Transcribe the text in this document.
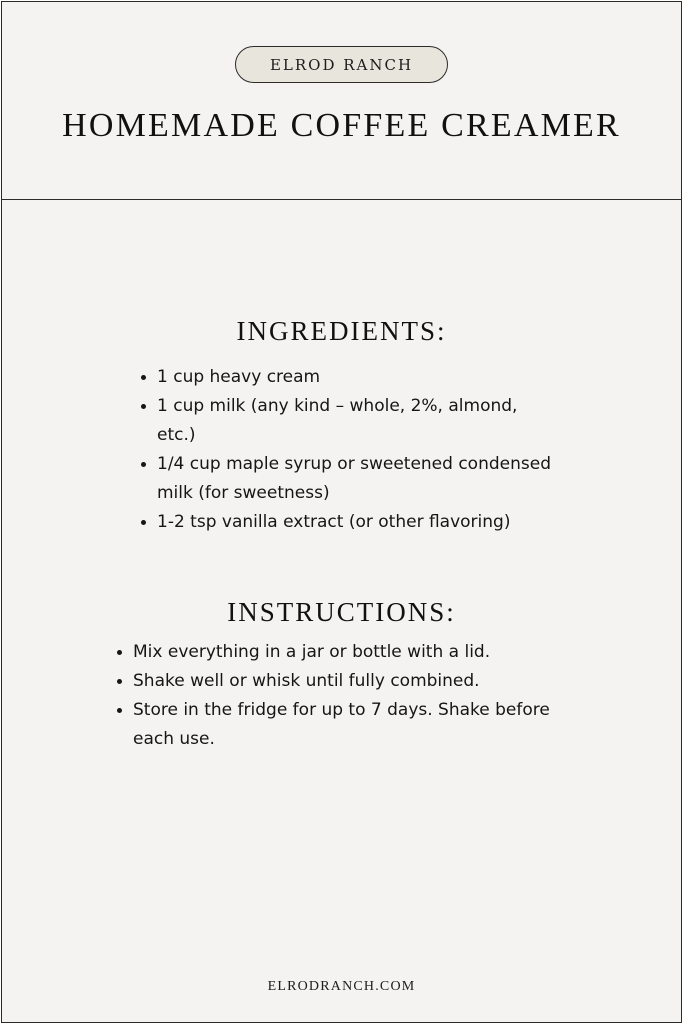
ELROD RANCH
HOMEMADE COFFEE CREAMER
INGREDIENTS:
1 cup heavy cream
1 cup milk (any kind – whole, 2%, almond, etc.)
1/4 cup maple syrup or sweetened condensed milk (for sweetness)
1-2 tsp vanilla extract (or other flavoring)
INSTRUCTIONS:
Mix everything in a jar or bottle with a lid.
Shake well or whisk until fully combined.
Store in the fridge for up to 7 days. Shake before each use.
ELRODRANCH.COM
